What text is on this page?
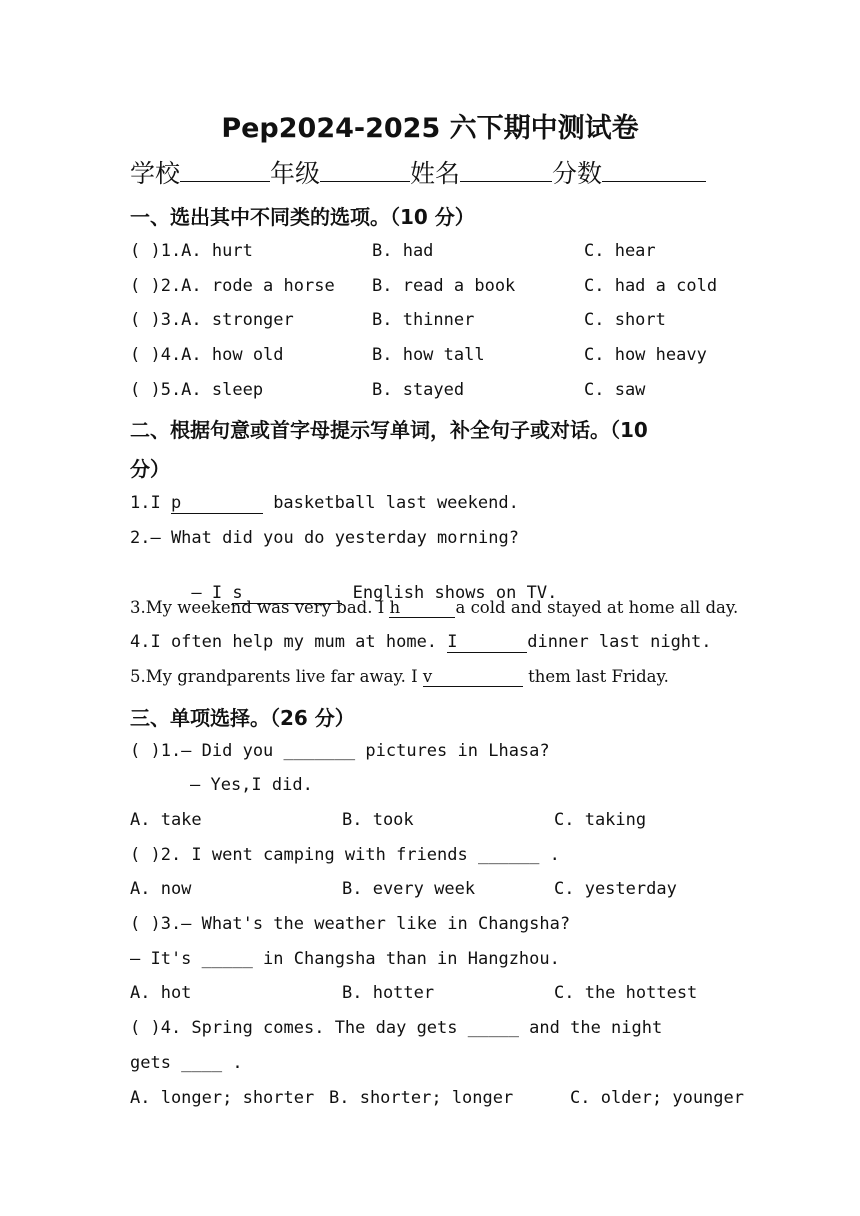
Pep2024-2025 六下期中测试卷
学校	年级	姓名	分数
一、选出其中不同类的选项。（10 分）
( )1.A. hurt	B. had	C. hear
( )2.A. rode a horse B. read a book	C. had a cold
( )3.A. stronger	B. thinner	C. short
( )4.A. how old	B. how tall	C. how heavy
( )5.A. sleep	B. stayed	C. saw
二、根据句意或首字母提示写单词，补全句子或对话。（10
分）
1.I p	basketball last weekend.
2.— What did you do yesterday morning?

— I s	English shows on TV.

3.My weekend was very bad. I h	a cold and stayed at home all day.
4.I often help my mum at home. I	dinner last night.
5.My grandparents live far away. I v	them last Friday.
三、单项选择。（26 分）
( )1.— Did you _______ pictures in Lhasa?
— Yes,I did.
A. take	B. took	C. taking
( )2. I went camping with friends ______ .
A. now	B. every week	C. yesterday
( )3.— What's the weather like in Changsha?
— It's _____ in Changsha than in Hangzhou.
A. hot	B. hotter	C. the hottest
( )4. Spring comes. The day gets _____ and the night
gets ____ .
A. longer; shorter B. shorter; longer	C. older; younger
